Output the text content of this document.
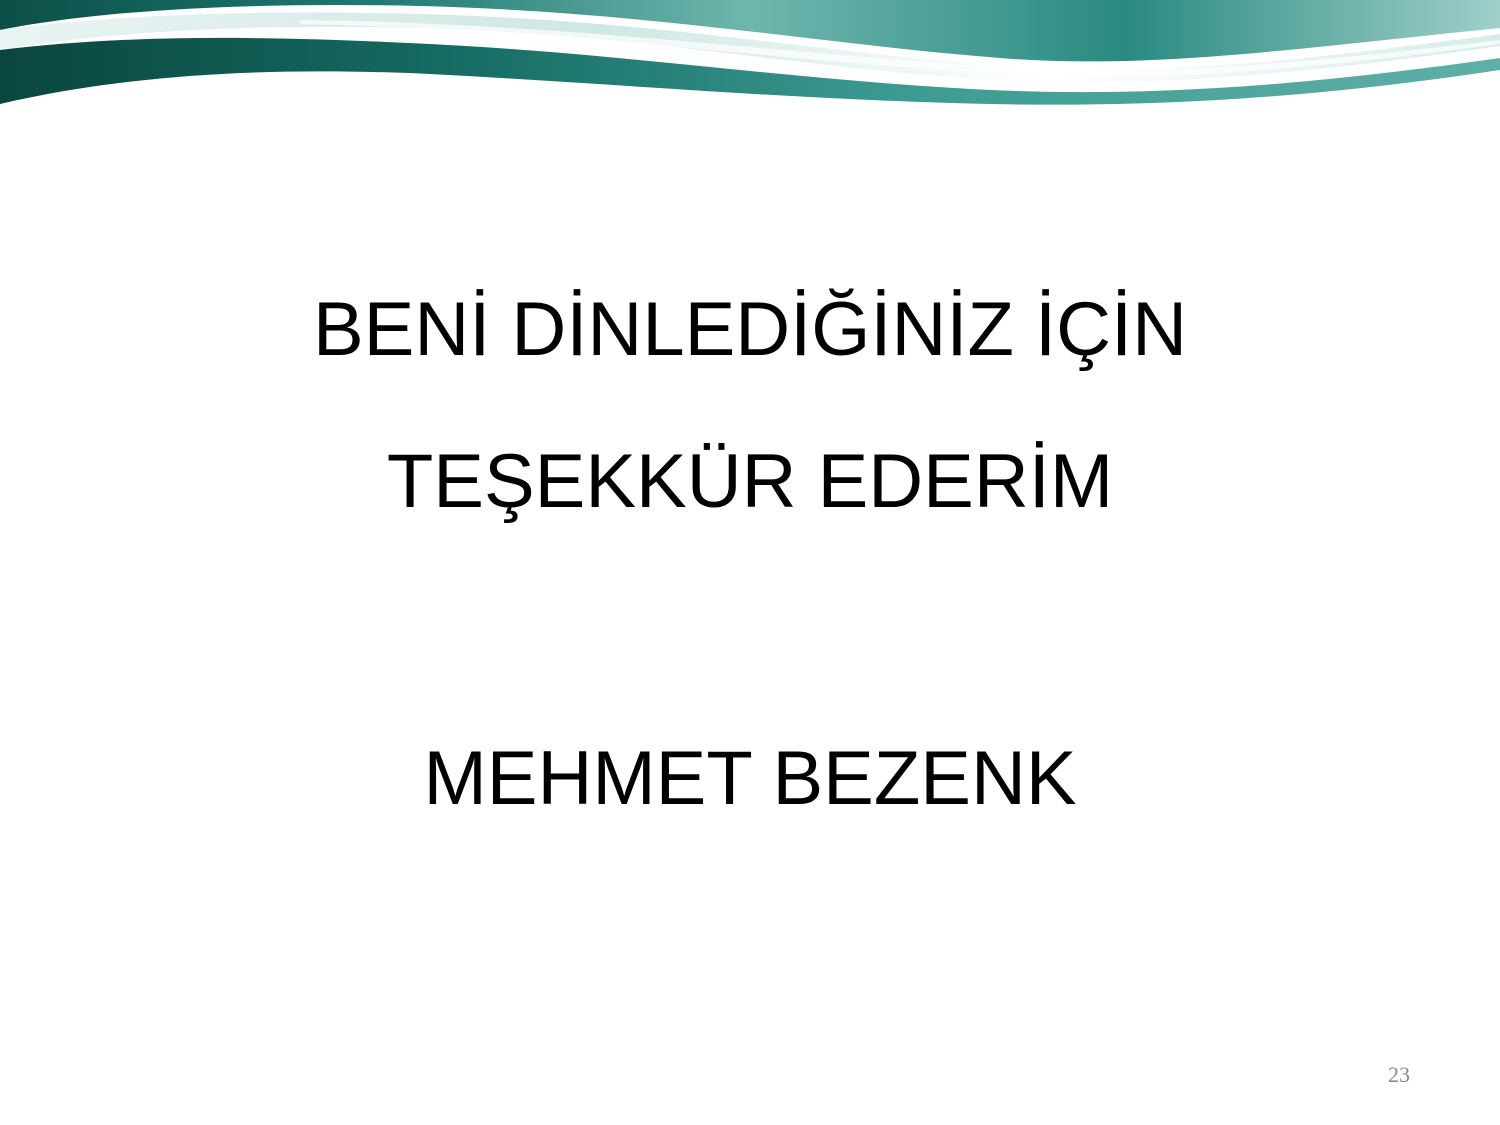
BENİ DİNLEDİĞİNİZ İÇİN
TEŞEKKÜR EDERİM
MEHMET BEZENK
23
